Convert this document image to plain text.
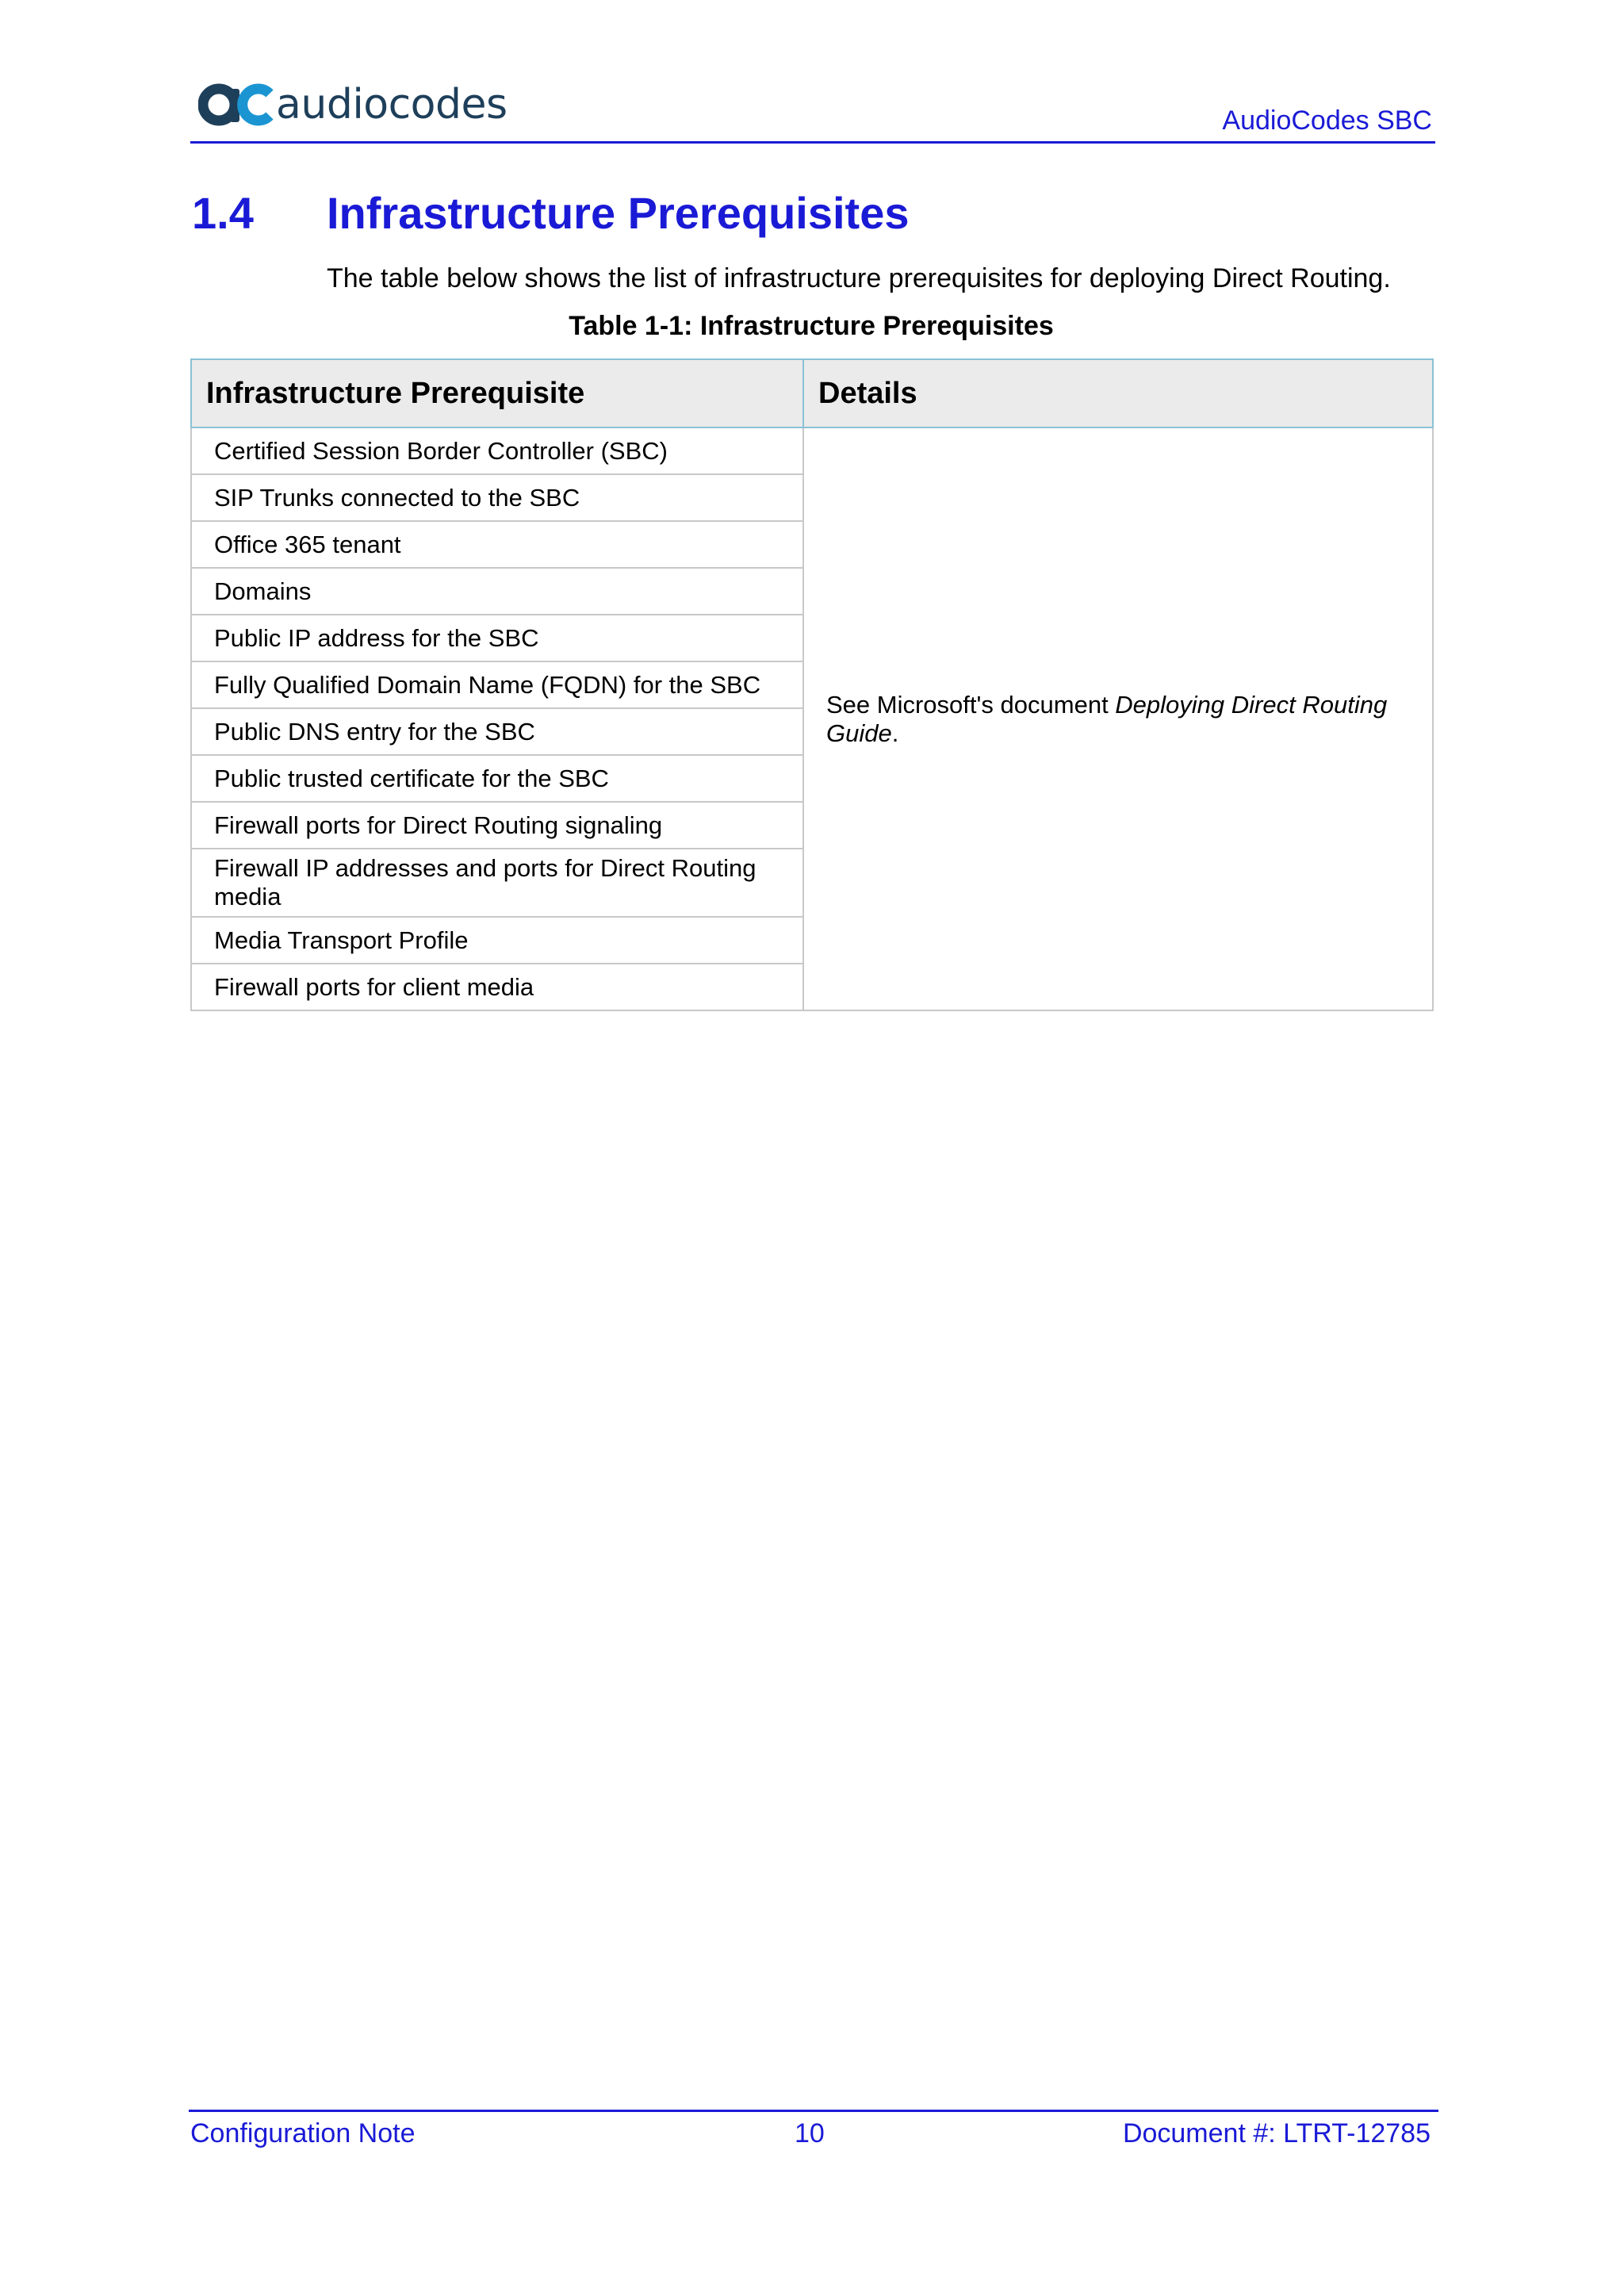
audiocodes	AudioCodes SBC
1.4	Infrastructure Prerequisites
The table below shows the list of infrastructure prerequisites for deploying Direct Routing.
Table 1-1: Infrastructure Prerequisites
Infrastructure Prerequisite	Details
Certified Session Border Controller (SBC)	See Microsoft's document Deploying Direct Routing Guide.
SIP Trunks connected to the SBC	
Office 365 tenant	
Domains	
Public IP address for the SBC	
Fully Qualified Domain Name (FQDN) for the SBC	
Public DNS entry for the SBC	
Public trusted certificate for the SBC	
Firewall ports for Direct Routing signaling	
Firewall IP addresses and ports for Direct Routing media	
Media Transport Profile	
Firewall ports for client media	
Configuration Note	10	Document #: LTRT-12785
